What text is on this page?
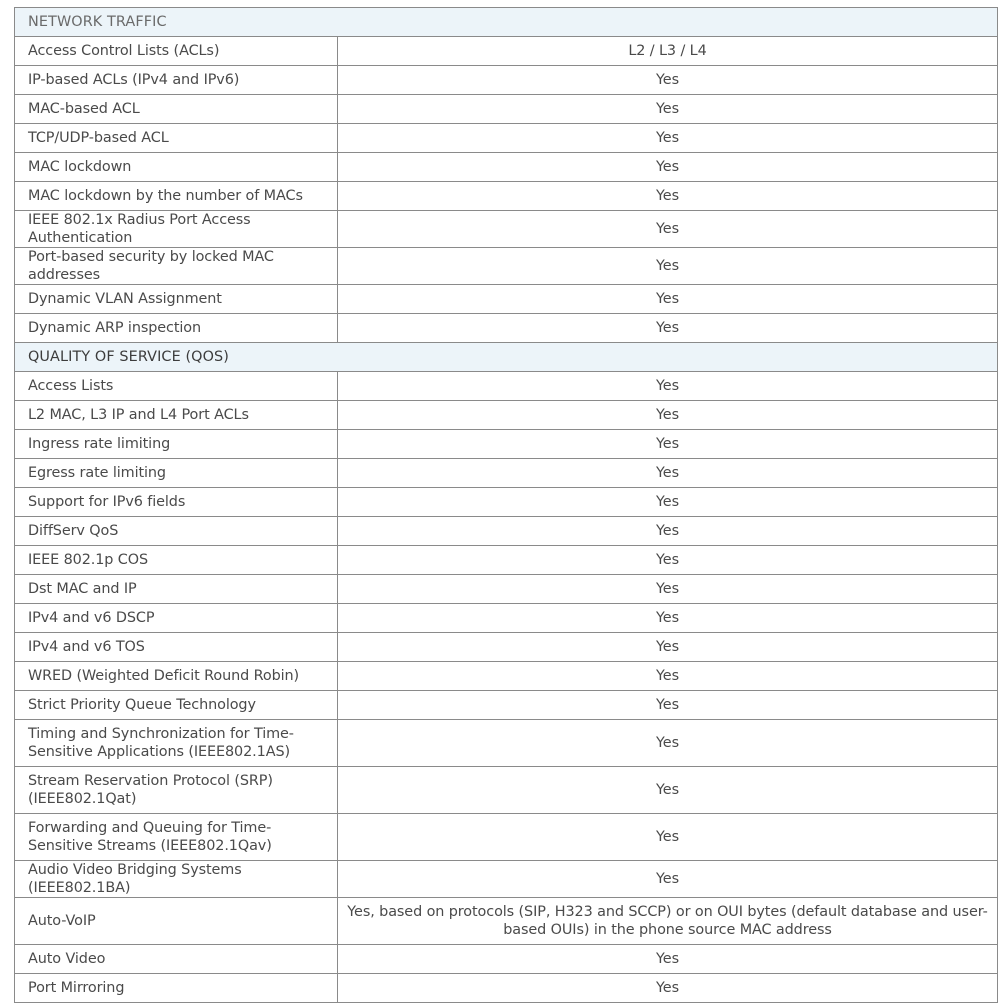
NETWORK TRAFFIC	
Access Control Lists (ACLs)	L2 / L3 / L4
IP-based ACLs (IPv4 and IPv6)	Yes
MAC-based ACL	Yes
TCP/UDP-based ACL	Yes
MAC lockdown	Yes
MAC lockdown by the number of MACs	Yes
IEEE 802.1x Radius Port Access Authentication	Yes
Port-based security by locked MAC addresses	Yes
Dynamic VLAN Assignment	Yes
Dynamic ARP inspection	Yes
QUALITY OF SERVICE (QOS)	
Access Lists	Yes
L2 MAC, L3 IP and L4 Port ACLs	Yes
Ingress rate limiting	Yes
Egress rate limiting	Yes
Support for IPv6 fields	Yes
DiffServ QoS	Yes
IEEE 802.1p COS	Yes
Dst MAC and IP	Yes
IPv4 and v6 DSCP	Yes
IPv4 and v6 TOS	Yes
WRED (Weighted Deficit Round Robin)	Yes
Strict Priority Queue Technology	Yes
Timing and Synchronization for Time-Sensitive Applications (IEEE802.1AS)	Yes
Stream Reservation Protocol (SRP) (IEEE802.1Qat)	Yes
Forwarding and Queuing for Time-Sensitive Streams (IEEE802.1Qav)	Yes
Audio Video Bridging Systems (IEEE802.1BA)	Yes
Auto-VoIP	Yes, based on protocols (SIP, H323 and SCCP) or on OUI bytes (default database and user-based OUIs) in the phone source MAC address
Auto Video	Yes
Port Mirroring	Yes
